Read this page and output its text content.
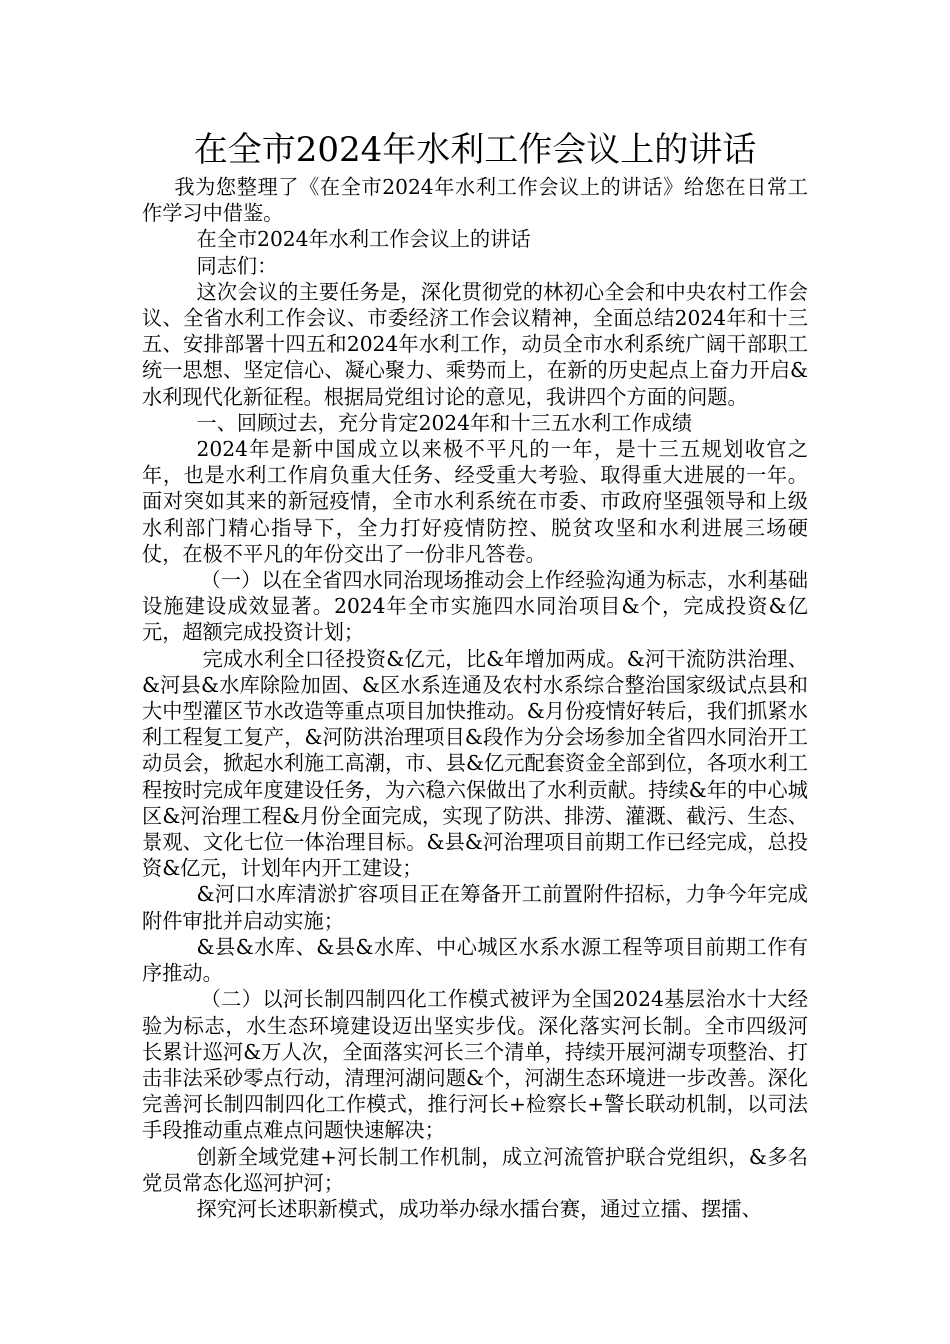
在全市2024年水利工作会议上的讲话

我为您整理了《在全市2024年水利工作会议上的讲话》给您在日常工作学习中借鉴。

在全市2024年水利工作会议上的讲话

同志们：

这次会议的主要任务是，深化贯彻党的林初心全会和中央农村工作会议、全省水利工作会议、市委经济工作会议精神，全面总结2024年和十三五、安排部署十四五和2024年水利工作，动员全市水利系统广阔干部职工统一思想、坚定信心、凝心聚力、乘势而上，在新的历史起点上奋力开启&水利现代化新征程。根据局党组讨论的意见，我讲四个方面的问题。

一、回顾过去，充分肯定2024年和十三五水利工作成绩

2024年是新中国成立以来极不平凡的一年，是十三五规划收官之年，也是水利工作肩负重大任务、经受重大考验、取得重大进展的一年。面对突如其来的新冠疫情，全市水利系统在市委、市政府坚强领导和上级水利部门精心指导下，全力打好疫情防控、脱贫攻坚和水利进展三场硬仗，在极不平凡的年份交出了一份非凡答卷。

（一）以在全省四水同治现场推动会上作经验沟通为标志，水利基础设施建设成效显著。2024年全市实施四水同治项目&个，完成投资&亿元，超额完成投资计划；

完成水利全口径投资&亿元，比&年增加两成。&河干流防洪治理、&河县&水库除险加固、&区水系连通及农村水系综合整治国家级试点县和大中型灌区节水改造等重点项目加快推动。&月份疫情好转后，我们抓紧水利工程复工复产，&河防洪治理项目&段作为分会场参加全省四水同治开工动员会，掀起水利施工高潮，市、县&亿元配套资金全部到位，各项水利工程按时完成年度建设任务，为六稳六保做出了水利贡献。持续&年的中心城区&河治理工程&月份全面完成，实现了防洪、排涝、灌溉、截污、生态、景观、文化七位一体治理目标。&县&河治理项目前期工作已经完成，总投资&亿元，计划年内开工建设；

&河口水库清淤扩容项目正在筹备开工前置附件招标，力争今年完成附件审批并启动实施；

&县&水库、&县&水库、中心城区水系水源工程等项目前期工作有序推动。

（二）以河长制四制四化工作模式被评为全国2024基层治水十大经验为标志，水生态环境建设迈出坚实步伐。深化落实河长制。全市四级河长累计巡河&万人次，全面落实河长三个清单，持续开展河湖专项整治、打击非法采砂零点行动，清理河湖问题&个，河湖生态环境进一步改善。深化完善河长制四制四化工作模式，推行河长+检察长+警长联动机制，以司法手段推动重点难点问题快速解决；

创新全域党建+河长制工作机制，成立河流管护联合党组织，&多名党员常态化巡河护河；

探究河长述职新模式，成功举办绿水擂台赛，通过立擂、摆擂、
